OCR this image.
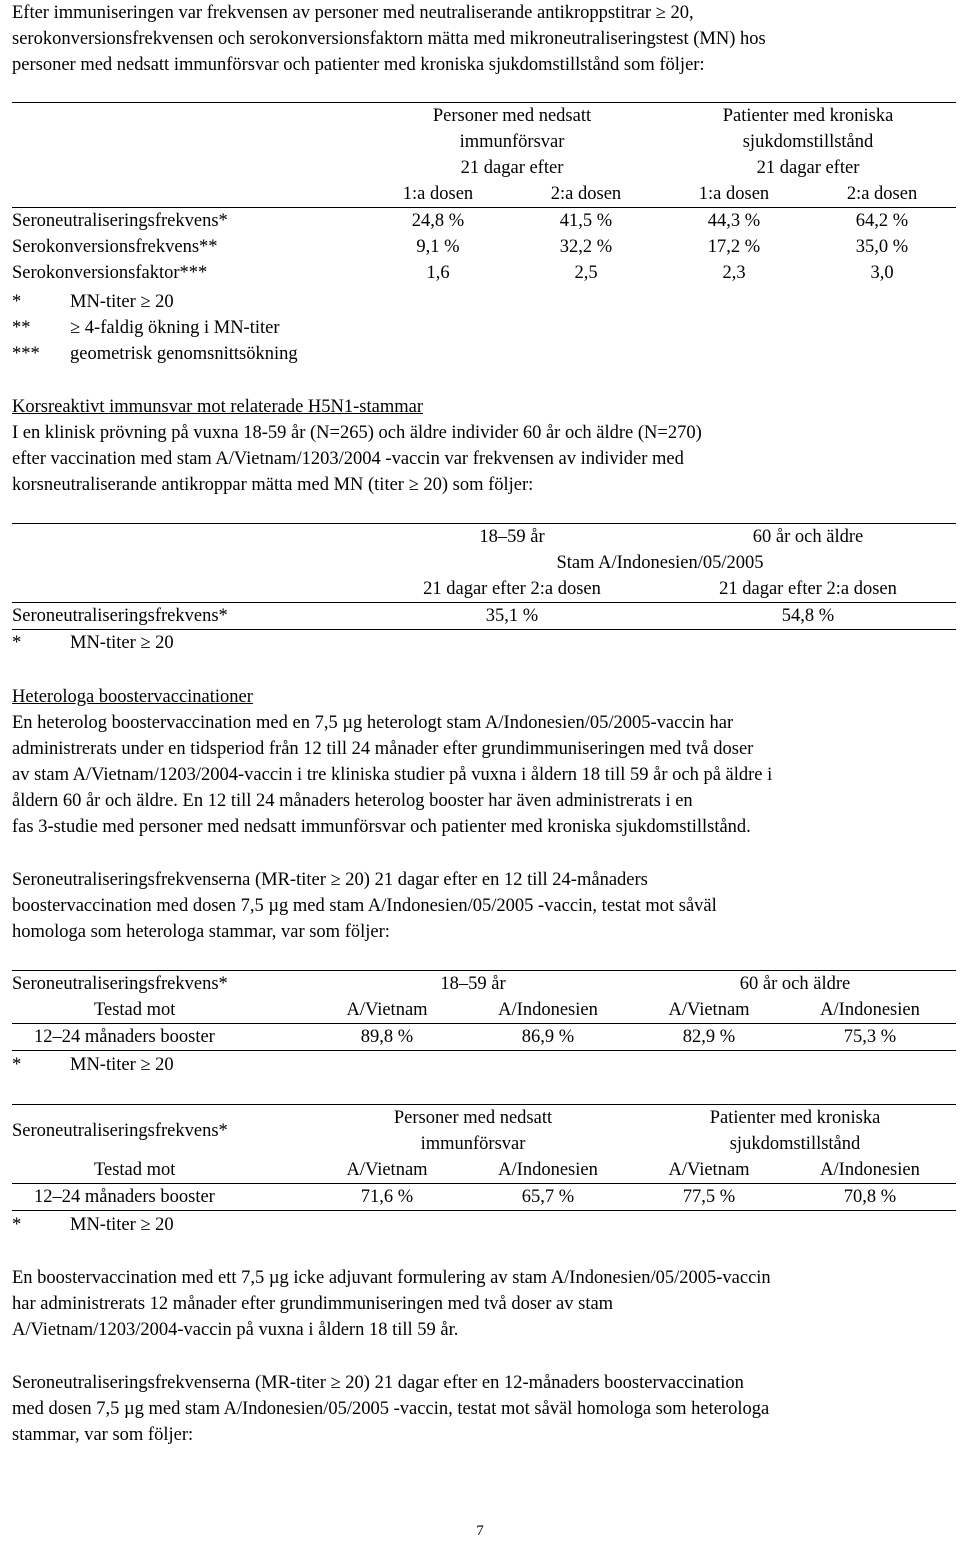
Efter immuniseringen var frekvensen av personer med neutraliserande antikroppstitrar ≥ 20,
serokonversionsfrekvensen och serokonversionsfaktorn mätta med mikroneutraliseringstest (MN) hos
personer med nedsatt immunförsvar och patienter med kroniska sjukdomstillstånd som följer:
	Personer med nedsatt		Patienter med kroniska	
	immunförsvar		sjukdomstillstånd	
	21 dagar efter		21 dagar efter	
	1:a dosen	2:a dosen	1:a dosen	2:a dosen
Seroneutraliseringsfrekvens*	24,8 %	41,5 %	44,3 %	64,2 %
Serokonversionsfrekvens**	9,1 %	32,2 %	17,2 %	35,0 %
Serokonversionsfaktor***	1,6	2,5	2,3	3,0
*	MN-titer ≥ 20
** ≥ 4-faldig ökning i MN-titer
*** geometrisk genomsnittsökning
Korsreaktivt immunsvar mot relaterade H5N1-stammar
I en klinisk prövning på vuxna 18-59 år (N=265) och äldre individer 60 år och äldre (N=270)
efter vaccination med stam A/Vietnam/1203/2004 -vaccin var frekvensen av individer med
korsneutraliserande antikroppar mätta med MN (titer ≥ 20) som följer:
	18–59 år	60 år och äldre
	Stam A/Indonesien/05/2005	
	21 dagar efter 2:a dosen	21 dagar efter 2:a dosen
Seroneutraliseringsfrekvens*	35,1 %	54,8 %
*	MN-titer ≥ 20
Heterologa boostervaccinationer
En heterolog boostervaccination med en 7,5 µg heterologt stam A/Indonesien/05/2005-vaccin har
administrerats under en tidsperiod från 12 till 24 månader efter grundimmuniseringen med två doser
av stam A/Vietnam/1203/2004-vaccin i tre kliniska studier på vuxna i åldern 18 till 59 år och på äldre i
åldern 60 år och äldre. En 12 till 24 månaders heterolog booster har även administrerats i en
fas 3-studie med personer med nedsatt immunförsvar och patienter med kroniska sjukdomstillstånd.
Seroneutraliseringsfrekvenserna (MR-titer ≥ 20) 21 dagar efter en 12 till 24-månaders
boostervaccination med dosen 7,5 µg med stam A/Indonesien/05/2005 -vaccin, testat mot såväl
homologa som heterologa stammar, var som följer:
Seroneutraliseringsfrekvens*	18–59 år		60 år och äldre	
Testad mot	A/Vietnam	A/Indonesien	A/Vietnam	A/Indonesien
12–24 månaders booster	89,8 %	86,9 %	82,9 %	75,3 %
*	MN-titer ≥ 20
Seroneutraliseringsfrekvens*	Personer med nedsatt		Patienter med kroniska	
	immunförsvar		sjukdomstillstånd	
Testad mot	A/Vietnam	A/Indonesien	A/Vietnam	A/Indonesien
12–24 månaders booster	71,6 %	65,7 %	77,5 %	70,8 %
*	MN-titer ≥ 20
En boostervaccination med ett 7,5 µg icke adjuvant formulering av stam A/Indonesien/05/2005-vaccin
har administrerats 12 månader efter grundimmuniseringen med två doser av stam
A/Vietnam/1203/2004-vaccin på vuxna i åldern 18 till 59 år.
Seroneutraliseringsfrekvenserna (MR-titer ≥ 20) 21 dagar efter en 12-månaders boostervaccination
med dosen 7,5 µg med stam A/Indonesien/05/2005 -vaccin, testat mot såväl homologa som heterologa
stammar, var som följer:
7
